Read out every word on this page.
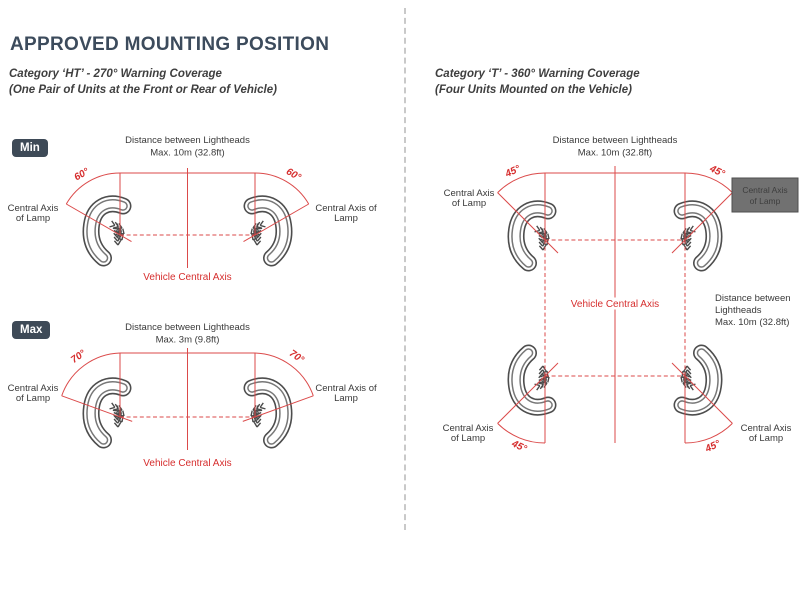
APPROVED MOUNTING POSITION
Category ‘HT’ - 270° Warning Coverage
(One Pair of Units at the Front or Rear of Vehicle)
Category ‘T’ - 360° Warning Coverage
(Four Units Mounted on the Vehicle)
Min
Max
Distance between Lightheads
Max. 10m (32.8ft)
60°	60°
Central Axis
of Lamp
Central Axis of
Lamp
Vehicle Central Axis
Distance between Lightheads
Max. 3m (9.8ft)
70°	70°
Central Axis
of Lamp
Central Axis of
Lamp
Vehicle Central Axis
Distance between Lightheads
Max. 10m (32.8ft)
45°	45°
45°	45°
Central Axis
of Lamp
Central Axis
of Lamp
Vehicle Central Axis
Distance between
Lightheads
Max. 10m (32.8ft)
Central Axis
of Lamp
Central Axis
of Lamp
